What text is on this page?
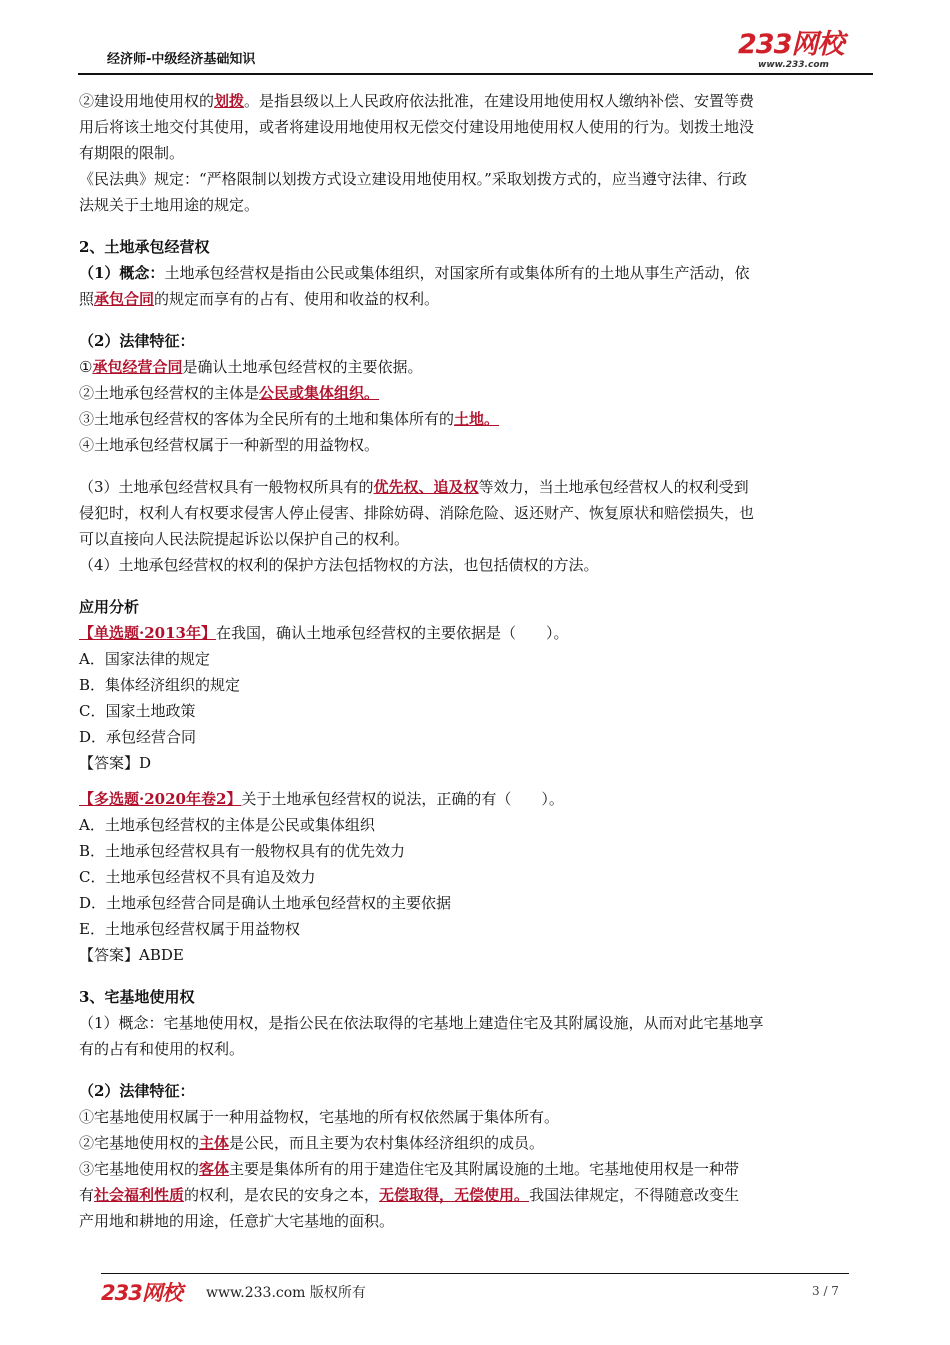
经济师-中级经济基础知识	233网校
www.233.com

②建设用地使用权的划拨。是指县级以上人民政府依法批准，在建设用地使用权人缴纳补偿、安置等费

用后将该土地交付其使用，或者将建设用地使用权无偿交付建设用地使用权人使用的行为。划拨土地没

有期限的限制。

《民法典》规定：“严格限制以划拨方式设立建设用地使用权。”采取划拨方式的，应当遵守法律、行政

法规关于土地用途的规定。

2、土地承包经营权

（1）概念：土地承包经营权是指由公民或集体组织，对国家所有或集体所有的土地从事生产活动，依

照承包合同的规定而享有的占有、使用和收益的权利。

（2）法律特征：

①承包经营合同是确认土地承包经营权的主要依据。

②土地承包经营权的主体是公民或集体组织。

③土地承包经营权的客体为全民所有的土地和集体所有的土地。

④土地承包经营权属于一种新型的用益物权。

（3）土地承包经营权具有一般物权所具有的优先权、追及权等效力，当土地承包经营权人的权利受到

侵犯时，权利人有权要求侵害人停止侵害、排除妨碍、消除危险、返还财产、恢复原状和赔偿损失，也

可以直接向人民法院提起诉讼以保护自己的权利。

（4）土地承包经营权的权利的保护方法包括物权的方法，也包括债权的方法。

应用分析

【单选题·2013年】在我国，确认土地承包经营权的主要依据是（　　）。

A．国家法律的规定

B．集体经济组织的规定

C．国家土地政策

D．承包经营合同

【答案】D

【多选题·2020年卷2】关于土地承包经营权的说法，正确的有（　　）。

A．土地承包经营权的主体是公民或集体组织

B．土地承包经营权具有一般物权具有的优先效力

C．土地承包经营权不具有追及效力

D．土地承包经营合同是确认土地承包经营权的主要依据

E．土地承包经营权属于用益物权

【答案】ABDE

3、宅基地使用权

（1）概念：宅基地使用权，是指公民在依法取得的宅基地上建造住宅及其附属设施，从而对此宅基地享

有的占有和使用的权利。

（2）法律特征：

①宅基地使用权属于一种用益物权，宅基地的所有权依然属于集体所有。

②宅基地使用权的主体是公民，而且主要为农村集体经济组织的成员。

③宅基地使用权的客体主要是集体所有的用于建造住宅及其附属设施的土地。宅基地使用权是一种带

有社会福利性质的权利，是农民的安身之本，无偿取得，无偿使用。我国法律规定，不得随意改变生

产用地和耕地的用途，任意扩大宅基地的面积。

233网校 www.233.com 版权所有	3 / 7
